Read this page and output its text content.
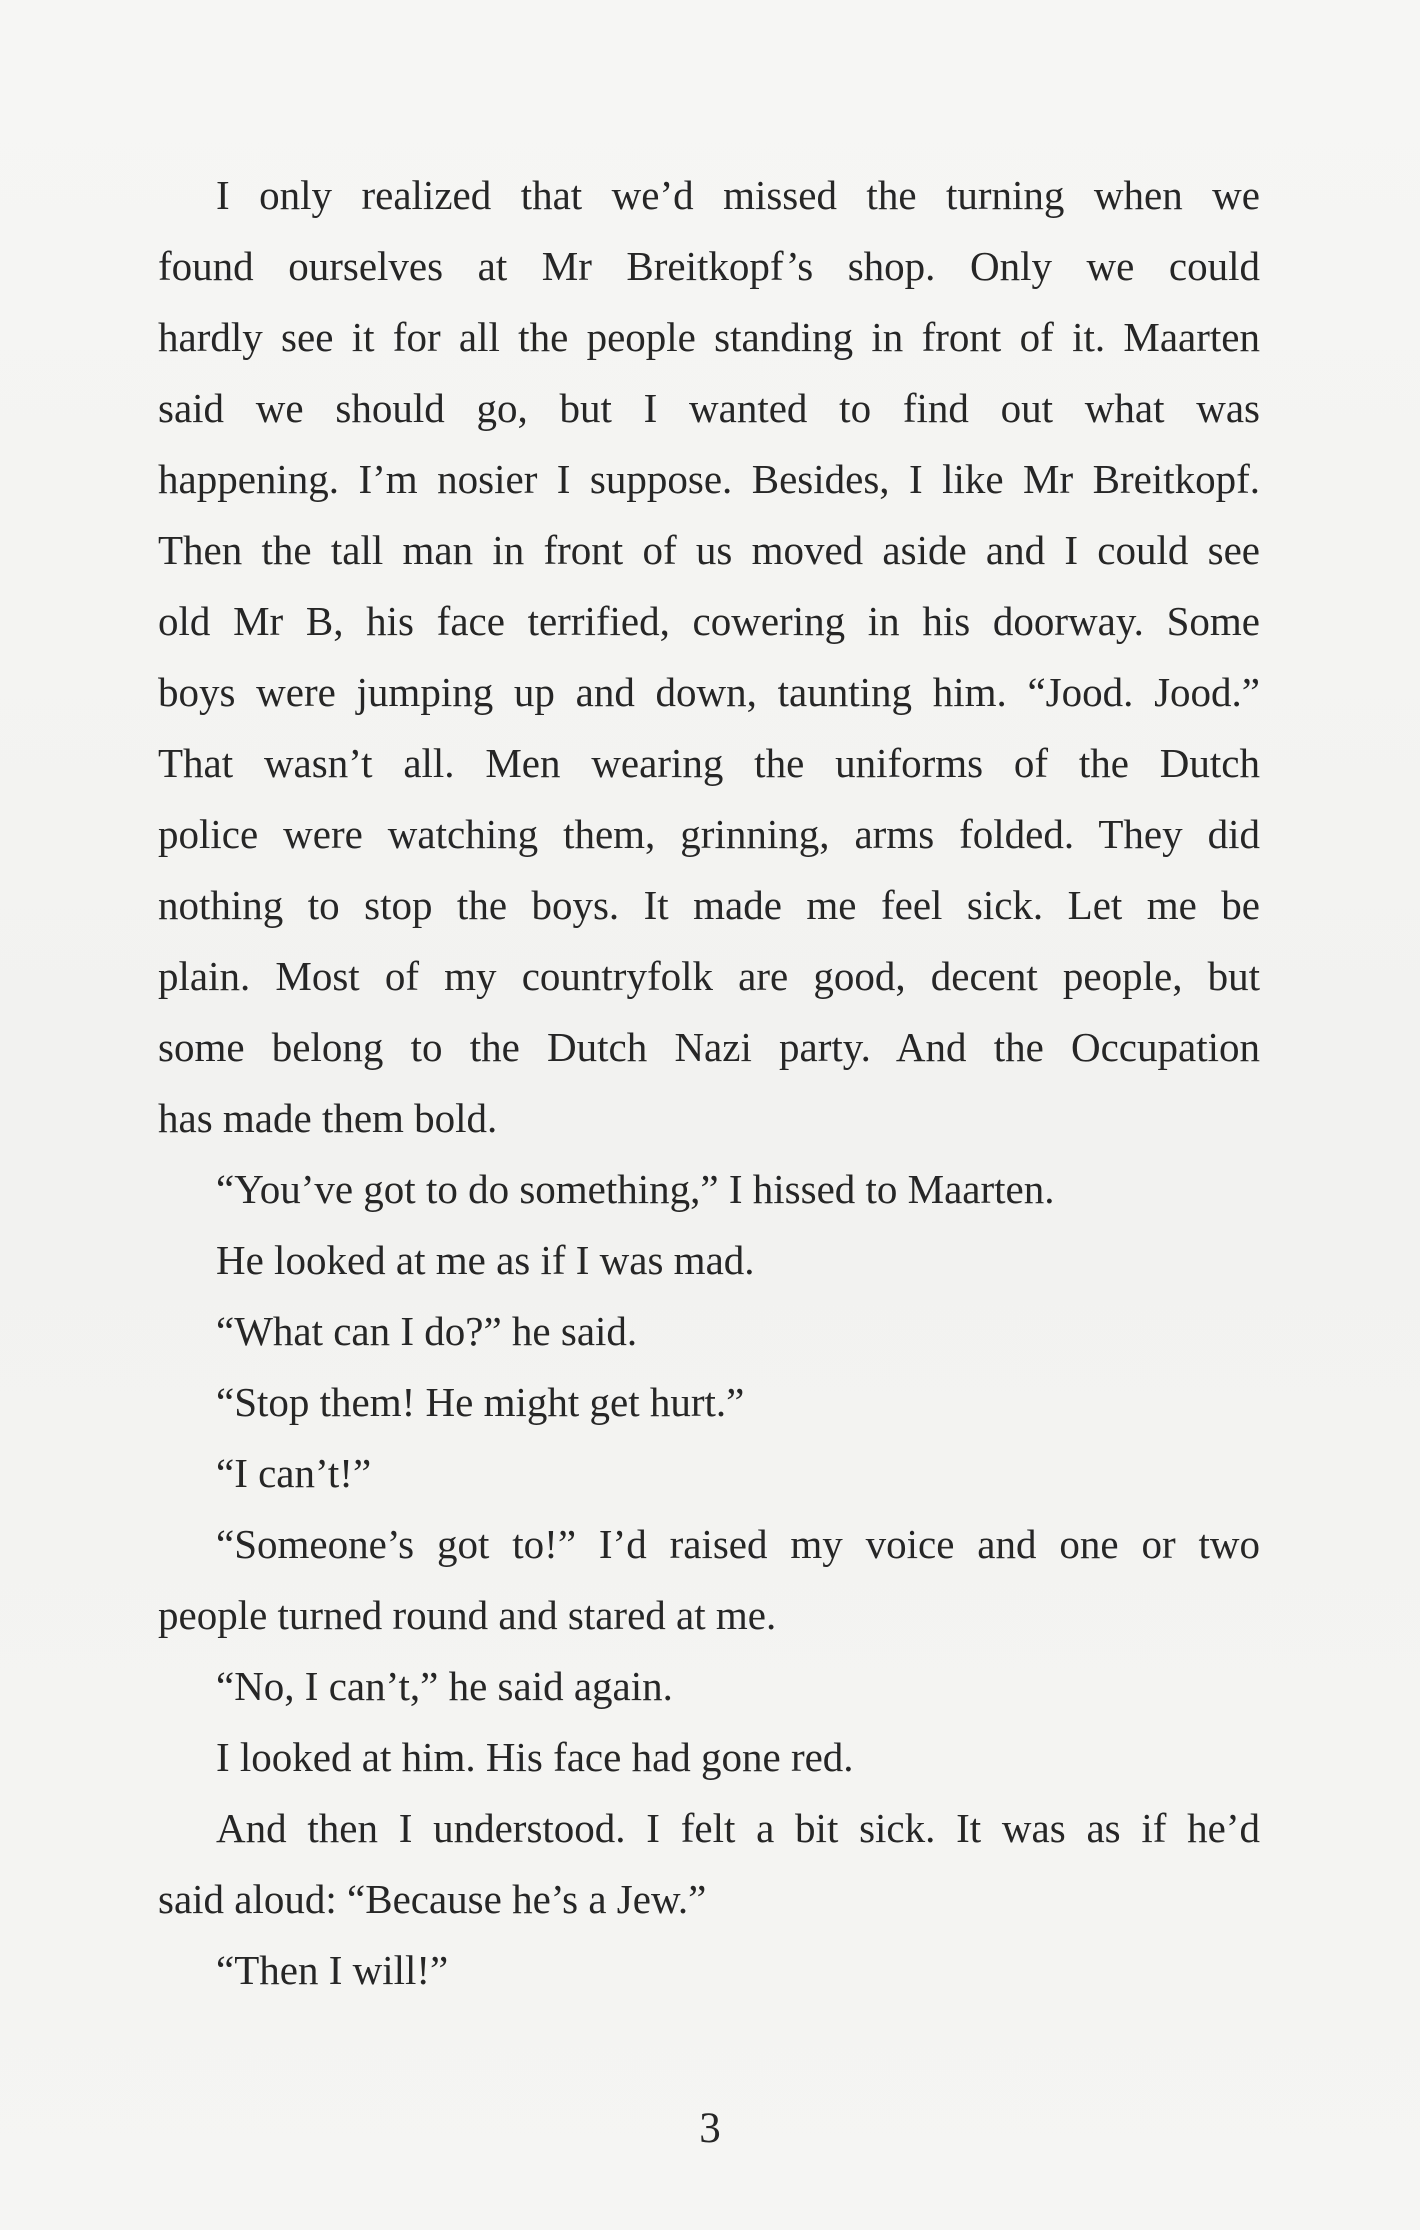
I only realized that we’d missed the turning when we
found ourselves at Mr Breitkopf’s shop. Only we could
hardly see it for all the people standing in front of it. Maarten
said we should go, but I wanted to find out what was
happening. I’m nosier I suppose. Besides, I like Mr Breitkopf.
Then the tall man in front of us moved aside and I could see
old Mr B, his face terrified, cowering in his doorway. Some
boys were jumping up and down, taunting him. “Jood. Jood.”
That wasn’t all. Men wearing the uniforms of the Dutch
police were watching them, grinning, arms folded. They did
nothing to stop the boys. It made me feel sick. Let me be
plain. Most of my countryfolk are good, decent people, but
some belong to the Dutch Nazi party. And the Occupation
has made them bold.
“You’ve got to do something,” I hissed to Maarten.
He looked at me as if I was mad.
“What can I do?” he said.
“Stop them! He might get hurt.”
“I can’t!”
“Someone’s got to!” I’d raised my voice and one or two
people turned round and stared at me.
“No, I can’t,” he said again.
I looked at him. His face had gone red.
And then I understood. I felt a bit sick. It was as if he’d
said aloud: “Because he’s a Jew.”
“Then I will!”
3
